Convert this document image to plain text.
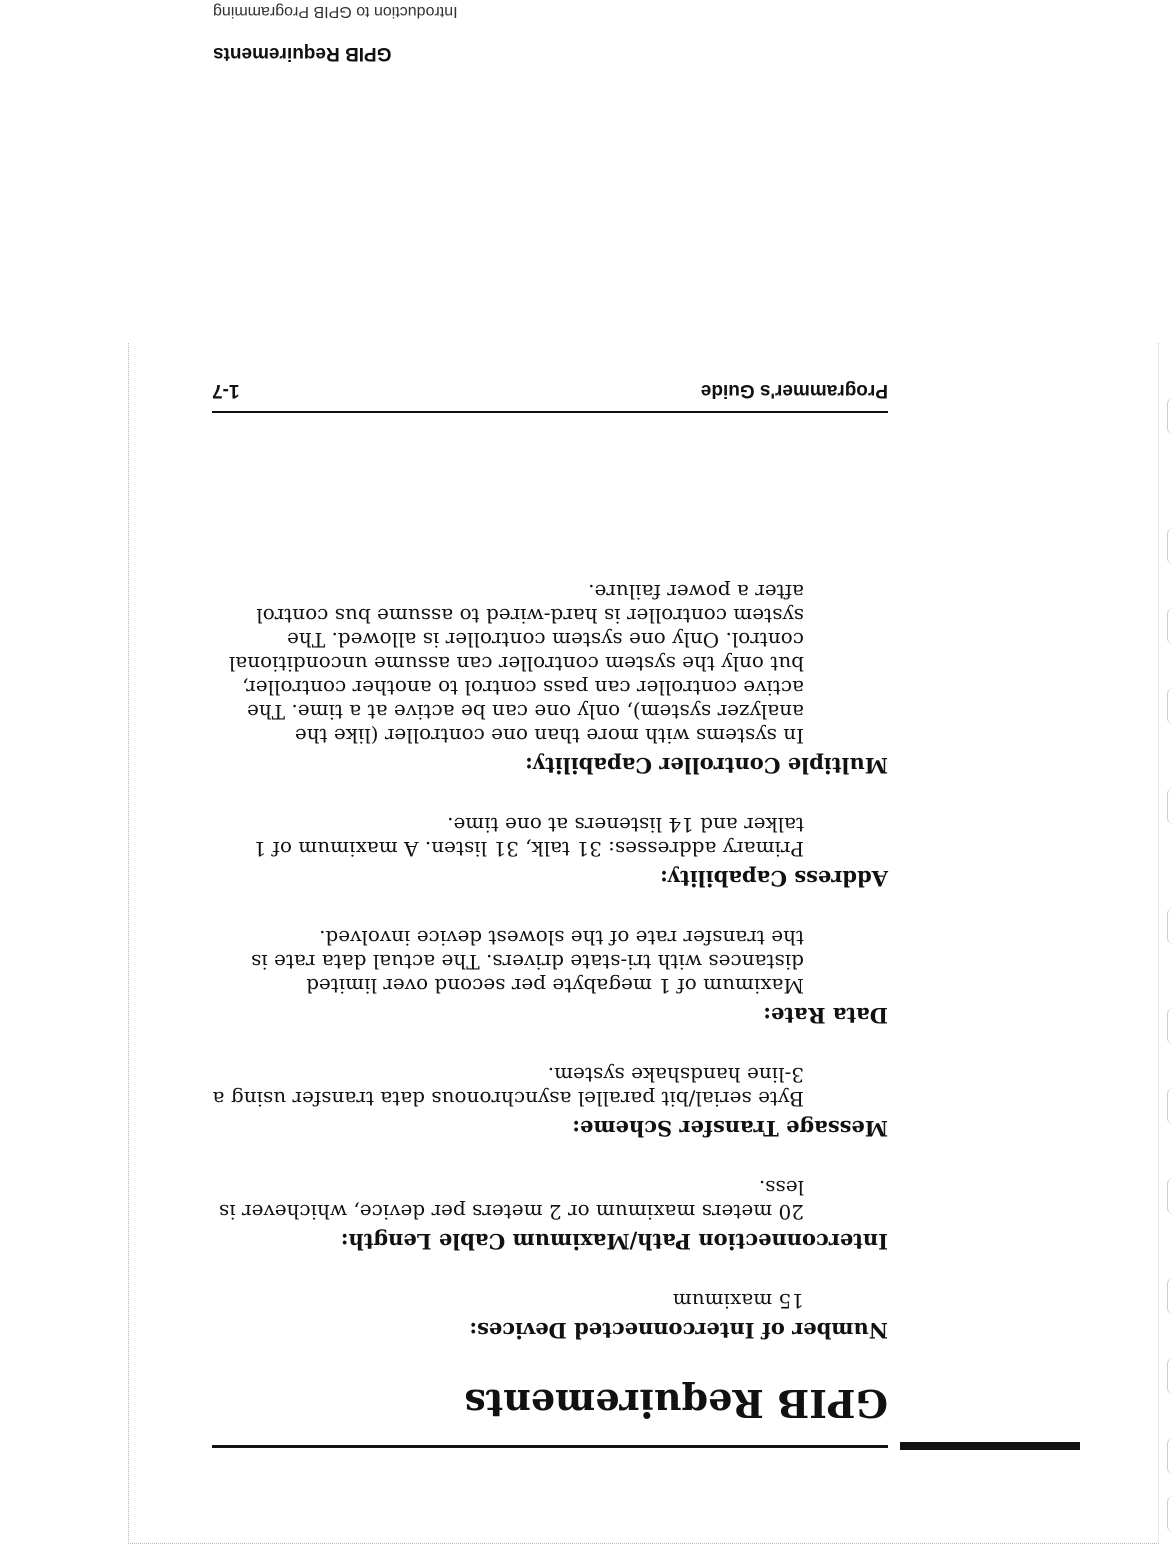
GPIB Requirements
Introduction to GPIB Programming
GPIB Requirements
Number of Interconnected Devices:
15 maximum
Interconnection Path/Maximum Cable Length:
20 meters maximum or 2 meters per device, whichever is less.
Message Transfer Scheme:
Byte serial/bit parallel asynchronous data transfer using a 3-line handshake system.
Data Rate:
Maximum of 1 megabyte per second over limited distances with tri-state drivers. The actual data rate is the transfer rate of the slowest device involved.
Address Capability:
Primary addresses: 31 talk, 31 listen. A maximum of 1 talker and 14 listeners at one time.
Multiple Controller Capability:
In systems with more than one controller (like the analyzer system), only one can be active at a time. The active controller can pass control to another controller, but only the system controller can assume unconditional control. Only one system controller is allowed. The system controller is hard-wired to assume bus control after a power failure.
Programmer's Guide
1-7
